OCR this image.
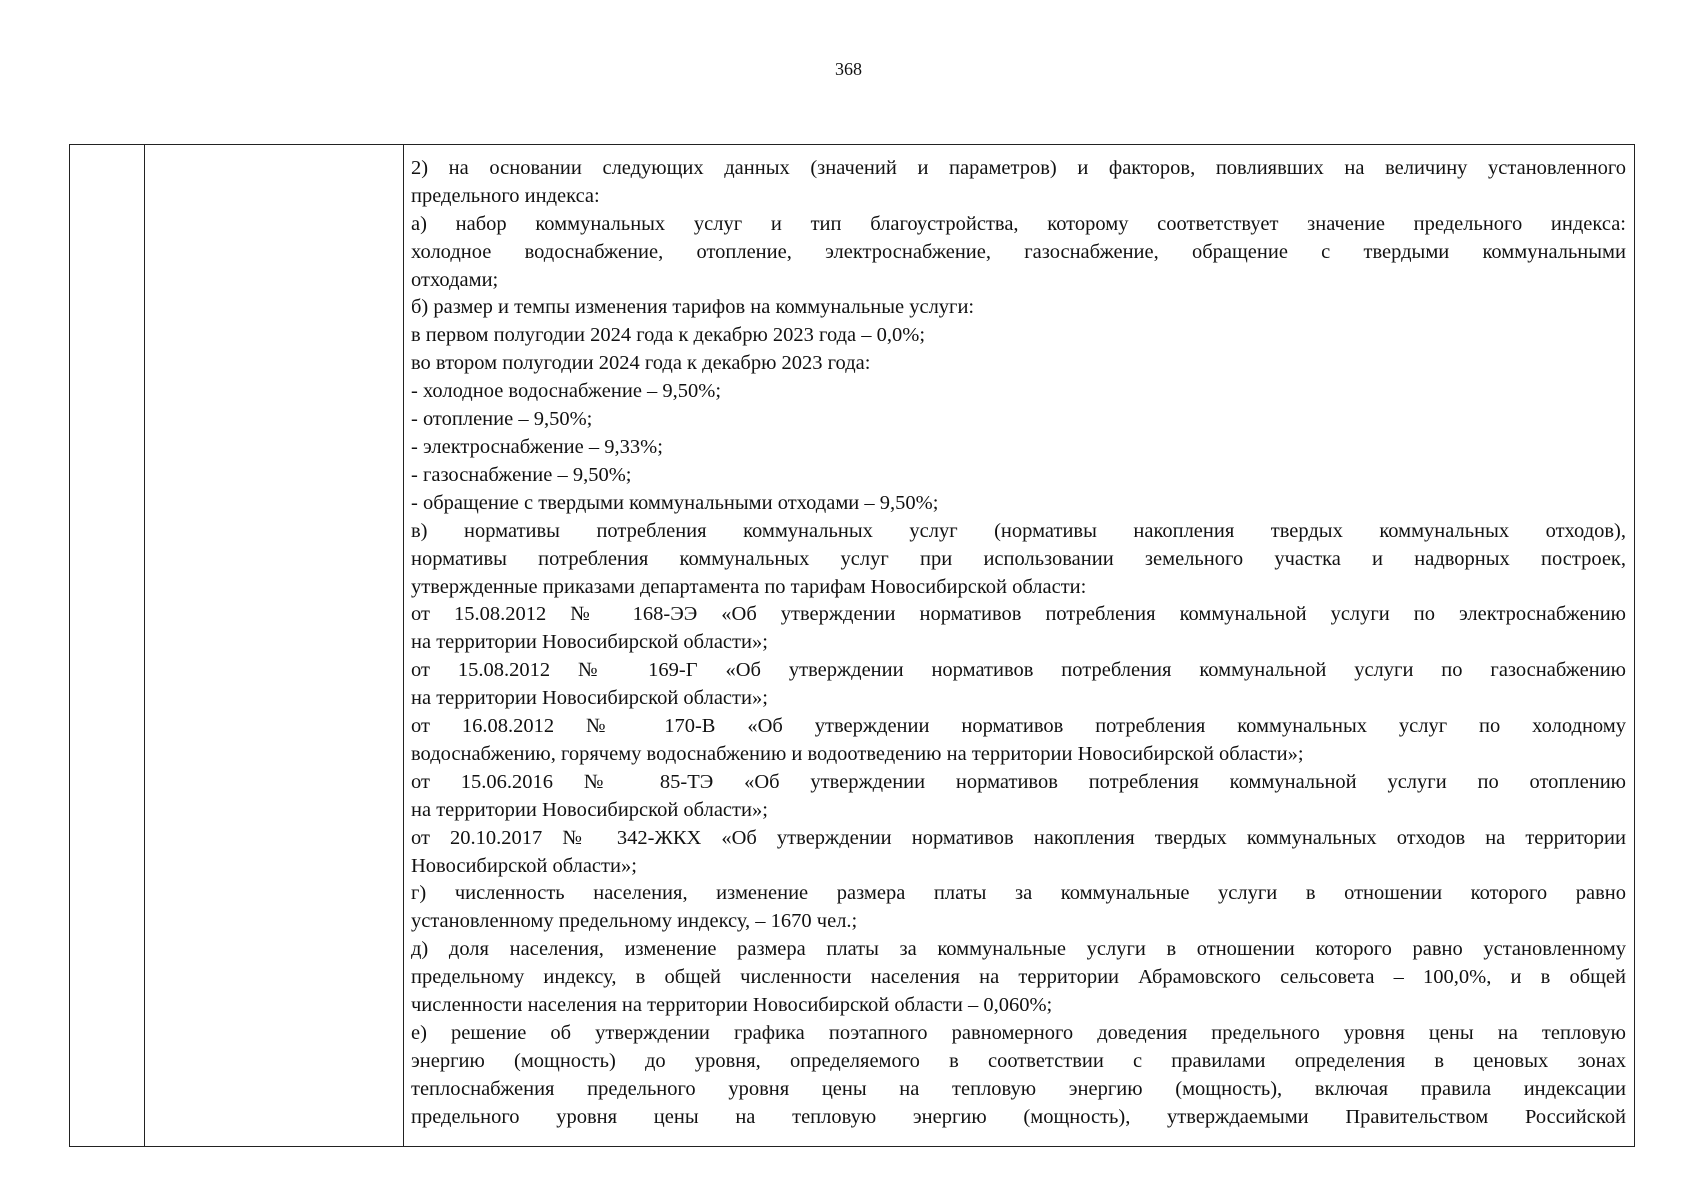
368

2) на основании следующих данных (значений и параметров) и факторов, повлиявших на величину установленного
предельного индекса:
а) набор коммунальных услуг и тип благоустройства, которому соответствует значение предельного индекса:
холодное водоснабжение, отопление, электроснабжение, газоснабжение, обращение с твердыми коммунальными
отходами;
б) размер и темпы изменения тарифов на коммунальные услуги:
в первом полугодии 2024 года к декабрю 2023 года – 0,0%;
во втором полугодии 2024 года к декабрю 2023 года:
- холодное водоснабжение – 9,50%;
- отопление – 9,50%;
- электроснабжение – 9,33%;
- газоснабжение – 9,50%;
- обращение с твердыми коммунальными отходами – 9,50%;
в) нормативы потребления коммунальных услуг (нормативы накопления твердых коммунальных отходов),
нормативы потребления коммунальных услуг при использовании земельного участка и надворных построек,
утвержденные приказами департамента по тарифам Новосибирской области:
от 15.08.2012 № 168-ЭЭ «Об утверждении нормативов потребления коммунальной услуги по электроснабжению
на территории Новосибирской области»;
от 15.08.2012 № 169-Г «Об утверждении нормативов потребления коммунальной услуги по газоснабжению
на территории Новосибирской области»;
от 16.08.2012 № 170-В «Об утверждении нормативов потребления коммунальных услуг по холодному
водоснабжению, горячему водоснабжению и водоотведению на территории Новосибирской области»;
от 15.06.2016 № 85-ТЭ «Об утверждении нормативов потребления коммунальной услуги по отоплению
на территории Новосибирской области»;
от 20.10.2017 № 342-ЖКХ «Об утверждении нормативов накопления твердых коммунальных отходов на территории
Новосибирской области»;
г) численность населения, изменение размера платы за коммунальные услуги в отношении которого равно
установленному предельному индексу, – 1670 чел.;
д) доля населения, изменение размера платы за коммунальные услуги в отношении которого равно установленному
предельному индексу, в общей численности населения на территории Абрамовского сельсовета – 100,0%, и в общей
численности населения на территории Новосибирской области – 0,060%;
е) решение об утверждении графика поэтапного равномерного доведения предельного уровня цены на тепловую
энергию (мощность) до уровня, определяемого в соответствии с правилами определения в ценовых зонах
теплоснабжения предельного уровня цены на тепловую энергию (мощность), включая правила индексации
предельного уровня цены на тепловую энергию (мощность), утверждаемыми Правительством Российской
